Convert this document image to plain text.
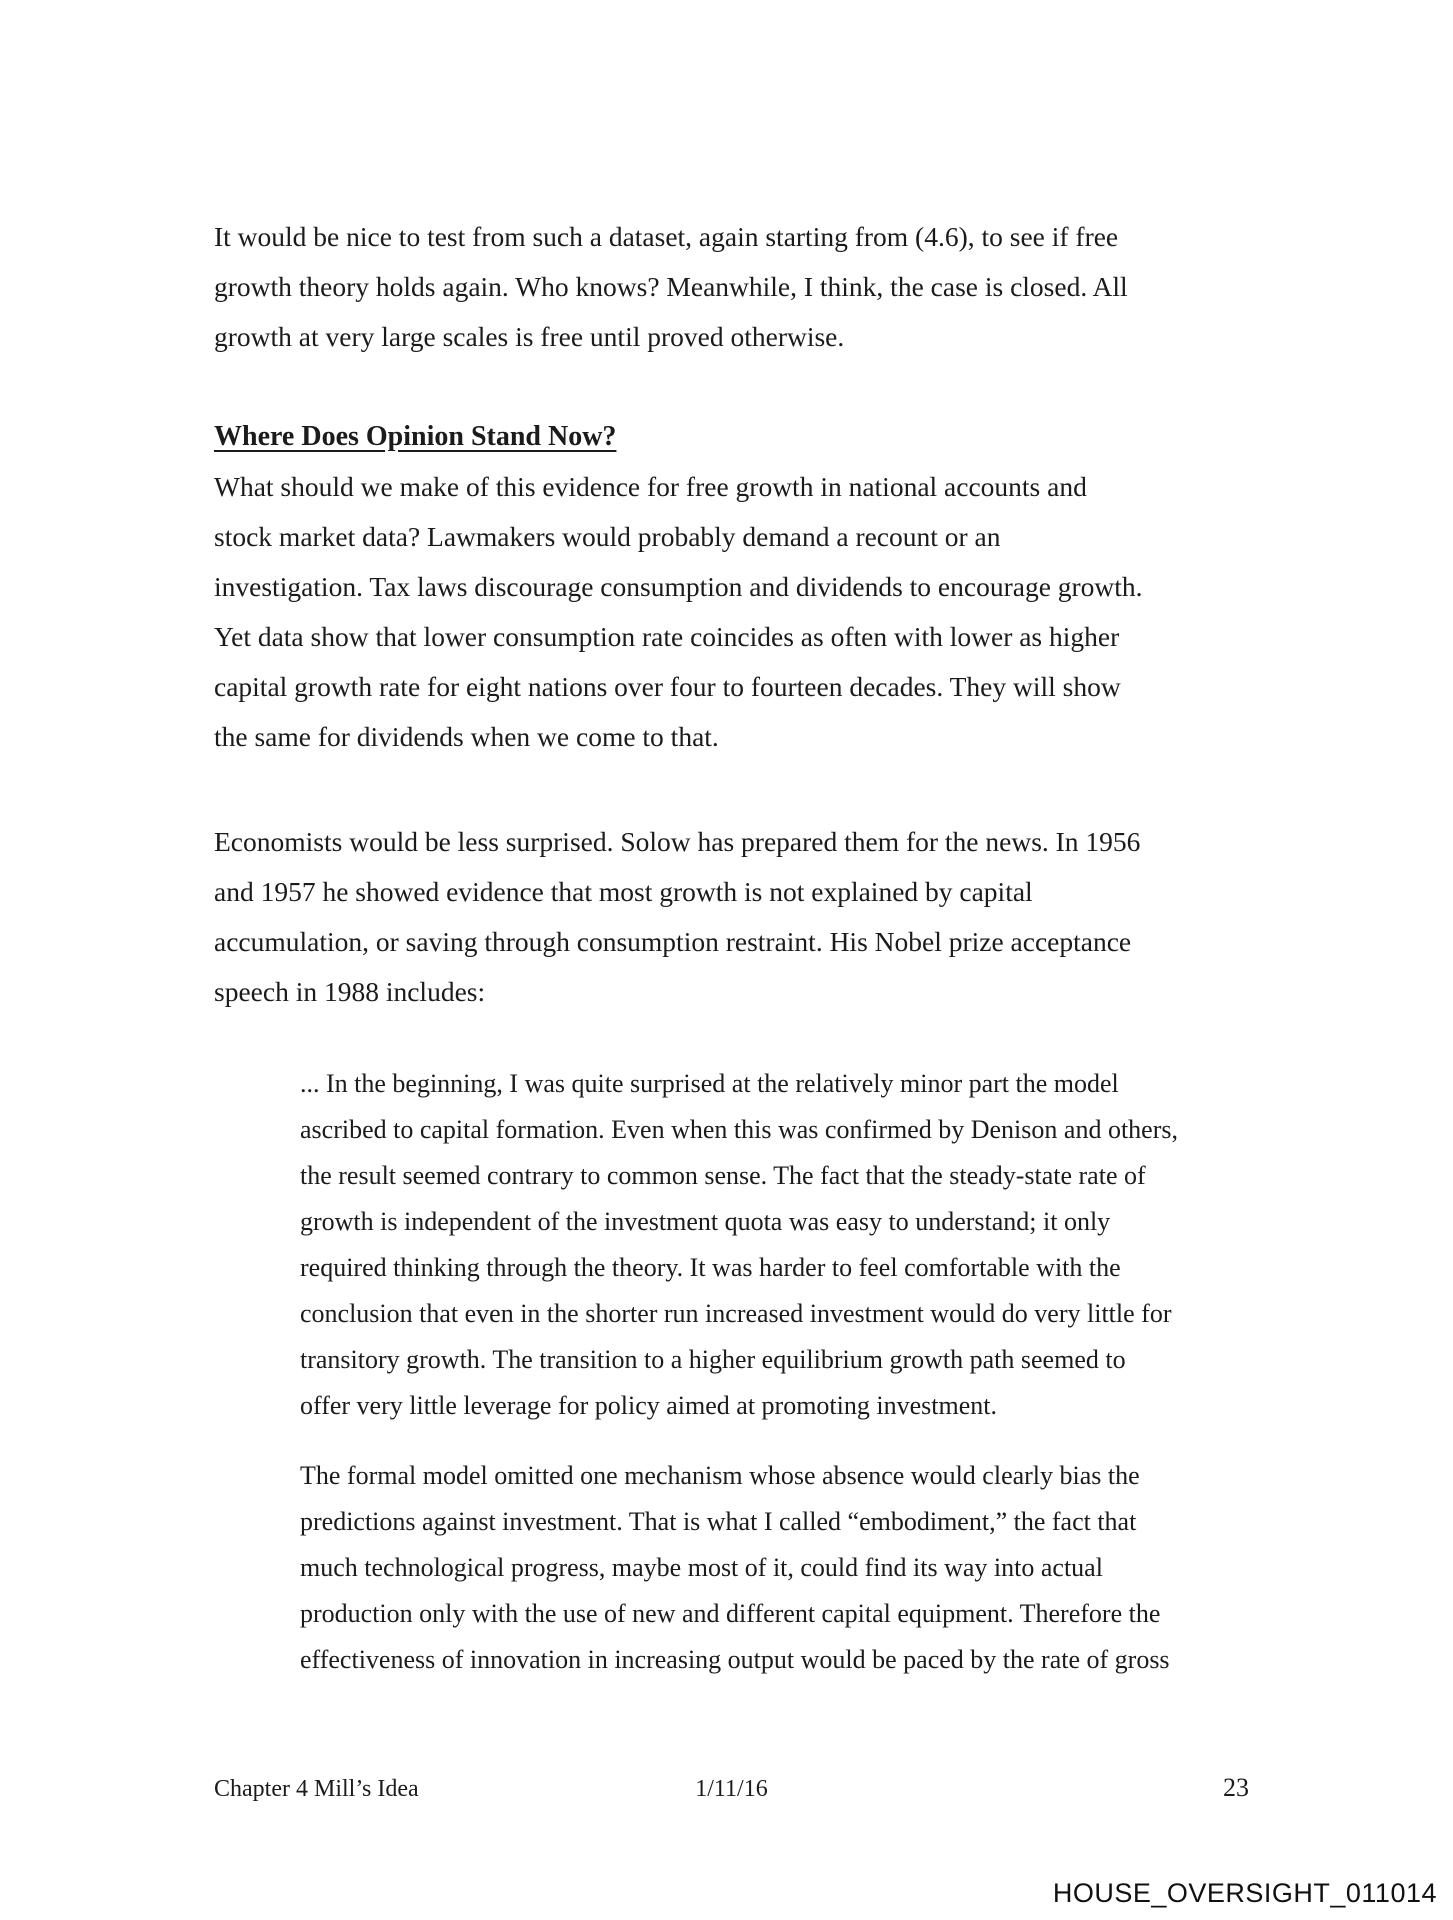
It would be nice to test from such a dataset, again starting from (4.6), to see if free
growth theory holds again. Who knows? Meanwhile, I think, the case is closed. All
growth at very large scales is free until proved otherwise.
Where Does Opinion Stand Now?
What should we make of this evidence for free growth in national accounts and
stock market data? Lawmakers would probably demand a recount or an
investigation. Tax laws discourage consumption and dividends to encourage growth.
Yet data show that lower consumption rate coincides as often with lower as higher
capital growth rate for eight nations over four to fourteen decades. They will show
the same for dividends when we come to that.
Economists would be less surprised. Solow has prepared them for the news. In 1956
and 1957 he showed evidence that most growth is not explained by capital
accumulation, or saving through consumption restraint. His Nobel prize acceptance
speech in 1988 includes:
... In the beginning, I was quite surprised at the relatively minor part the model
ascribed to capital formation. Even when this was confirmed by Denison and others,
the result seemed contrary to common sense. The fact that the steady-state rate of
growth is independent of the investment quota was easy to understand; it only
required thinking through the theory. It was harder to feel comfortable with the
conclusion that even in the shorter run increased investment would do very little for
transitory growth. The transition to a higher equilibrium growth path seemed to
offer very little leverage for policy aimed at promoting investment.
The formal model omitted one mechanism whose absence would clearly bias the
predictions against investment. That is what I called “embodiment,” the fact that
much technological progress, maybe most of it, could find its way into actual
production only with the use of new and different capital equipment. Therefore the
effectiveness of innovation in increasing output would be paced by the rate of gross
Chapter 4 Mill’s Idea	1/11/16	23
HOUSE_OVERSIGHT_011014
